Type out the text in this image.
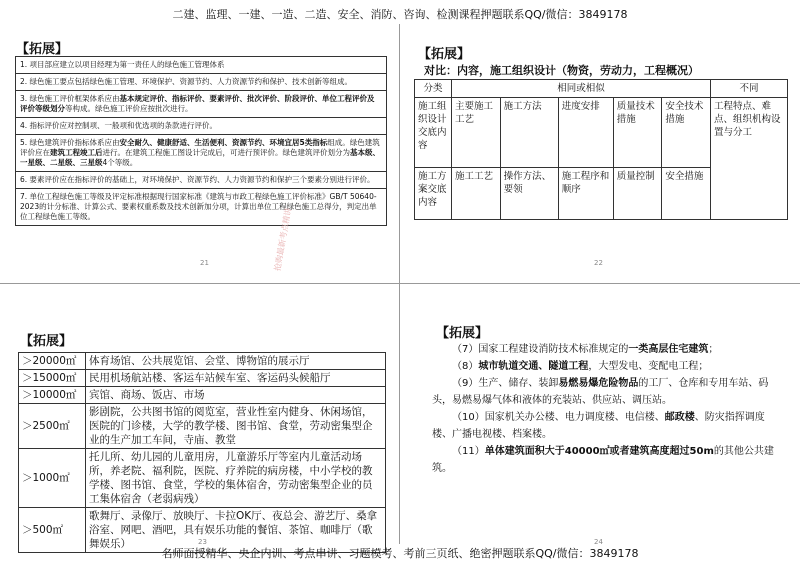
二建、监理、一建、一造、二造、安全、消防、咨询、检测课程押题联系QQ/微信：3849178
【拓展】
1. 项目部应建立以项目经理为第一责任人的绿色施工管理体系
2. 绿色施工要点包括绿色施工管理、环境保护、资源节约、人力资源节约和保护、技术创新等组成。
3. 绿色施工评价框架体系应由基本规定评价、指标评价、要素评价、批次评价、阶段评价、单位工程评价及评价等级划分等构成。绿色施工评价应按批次进行。
4. 指标评价应对控制项、一般项和优选项的条款进行评价。
5. 绿色建筑评价指标体系应由安全耐久、健康舒适、生活便利、资源节约、环境宜居5类指标组成。绿色建筑评价应在建筑工程竣工后进行。在建筑工程施工图设计完成后，可进行预评价。绿色建筑评价划分为基本级、一星级、二星级、三星级4个等级。
6. 要素评价应在指标评价的基础上，对环境保护、资源节约、人力资源节约和保护三个要素分别进行评价。
7. 单位工程绿色施工等级及评定标准根据现行国家标准《建筑与市政工程绿色施工评价标准》GB/T 50640-2023的计分标准、计算公式、要素权重系数及技术创新加分项，计算出单位工程绿色施工总得分，判定出单位工程绿色施工等级。	抢购最新考点精讲
21
【拓展】
对比：内容，施工组织设计（物资，劳动力，工程概况）
分类	相同或相似					不同
施工组织设计交底内容	主要施工工艺	施工方法	进度安排	质量技术措施	安全技术措施	工程特点、难点、组织机构设置与分工
施工方案交底内容	施工工艺	操作方法、要领	施工程序和顺序	质量控制	安全措施	
22
【拓展】
＞20000㎡	体育场馆、公共展览馆、会堂、博物馆的展示厅
＞15000㎡	民用机场航站楼、客运车站候车室、客运码头候船厅
＞10000㎡	宾馆、商场、饭店、市场
＞2500㎡	影剧院，公共图书馆的阅览室，营业性室内健身、休闲场馆，医院的门诊楼，大学的教学楼、图书馆、食堂，劳动密集型企业的生产加工车间，寺庙、教堂
＞1000㎡	托儿所、幼儿园的儿童用房，儿童游乐厅等室内儿童活动场所，养老院、福利院，医院、疗养院的病房楼，中小学校的教学楼、图书馆、食堂，学校的集体宿舍，劳动密集型企业的员工集体宿舍（老弱病残）
＞500㎡	歌舞厅、录像厅、放映厅、卡拉OK厅、夜总会、游艺厅、桑拿浴室、网吧、酒吧，具有娱乐功能的餐馆、茶馆、咖啡厅（歌舞娱乐）	23
【拓展】

（7）国家工程建设消防技术标准规定的一类高层住宅建筑；

（8）城市轨道交通、隧道工程，大型发电、变配电工程；

（9）生产、储存、装卸易燃易爆危险物品的工厂、仓库和专用车站、码头，易燃易爆气体和液体的充装站、供应站、调压站。

（10）国家机关办公楼、电力调度楼、电信楼、邮政楼、防灾指挥调度楼、广播电视楼、档案楼。

（11）单体建筑面积大于40000㎡或者建筑高度超过50m的其他公共建筑。

24
名师面授精华、央企内训、考点串讲、习题模考、考前三页纸、绝密押题联系QQ/微信：3849178
